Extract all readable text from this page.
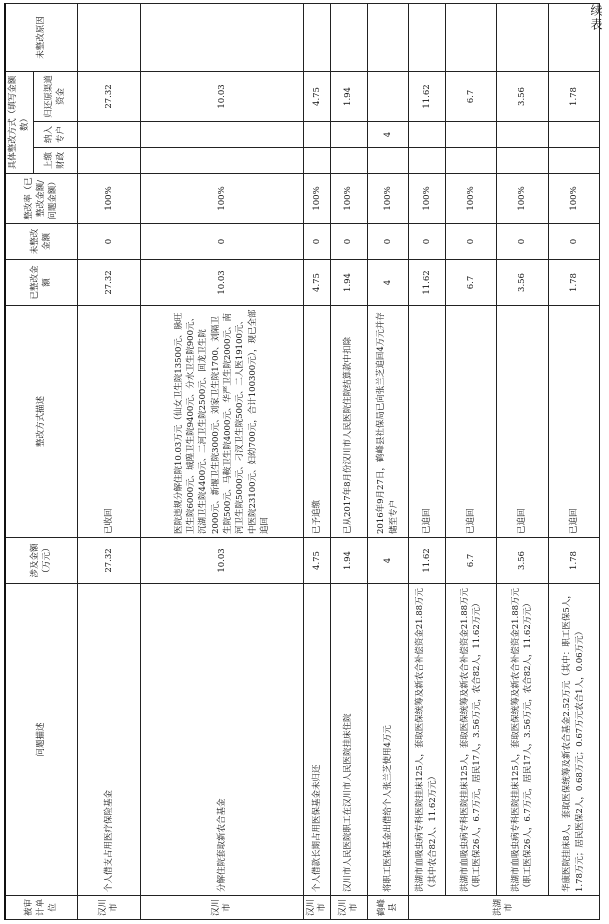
续表
被审计单位	问题描述	涉及金额（万元）	整改方式描述	已整改金额	未整改金额	整改率（已整改金额/问题金额）	具体整改方式（填写金额数）			未整改原因
							上缴财政	纳入专户	归还原渠道资金	
汉川市	个人借支占用医疗保险基金	27.32	已收回	27.32	0	100%			27.32	
汉川市	分解住院套取新农合基金	10.03	医院违规分解住院10.03万元（仙女卫生院13500元、脉旺卫生院6000元、城隍卫生院9400元、分水卫生院900元、沉湖卫生院4400元、二河卫生院2500元、回龙卫生院2000元、新堰卫生院3000元、刘家卫生院1700、刘隔卫生院500元、马鞍卫生院4000元、华严卫生院2000元、南河卫生院5000元、刁汊卫生院500元、二人医19100元、中医院23100元、妇幼700元，合计100300元），现已全部追回	10.03	0	100%			10.03	
汉川市	个人借款长期占用医保基金未归还	4.75	已予追缴	4.75	0	100%			4.75	
汉川市	汉川市人民医院职工在汉川市人民医院挂床住院	1.94	已从2017年8月份汉川市人民医院住院结算款中扣除	1.94	0	100%			1.94	
鹤峰县	将职工医保基金出借给个人张兰芝使用4万元	4	2016年9月27日，鹤峰县社保局已向张兰芝追回4万元并存储至专户	4	0	100%		4		
洪湖市	洪湖市血吸虫病专科医院挂床125人，套取医保统筹及新农合补偿资金21.88万元（其中农合82人、11.62万元）	11.62	已追回	11.62	0	100%			11.62	
	洪湖市血吸虫病专科医院挂床125人，套取医保统筹及新农合补偿资金21.88万元（职工医保26人，6.7万元，居民17人，3.56万元，农合82人，11.62万元）	6.7	已追回	6.7	0	100%			6.7	
	洪湖市血吸虫病专科医院挂床125人，套取医保统筹及新农合补偿资金21.88万元（职工医保26人，6.7万元，居民17人，3.56万元，农合82人，11.62万元）	3.56	已追回	3.56	0	100%			3.56	
	华康医院挂床8人，套取医保统筹及新农合基金2.52万元（其中：职工医保5人，1.78万元；居民医保2人，0.68万元；0.67万元农合1人，0.06万元）	1.78	已追回	1.78	0	100%			1.78	
